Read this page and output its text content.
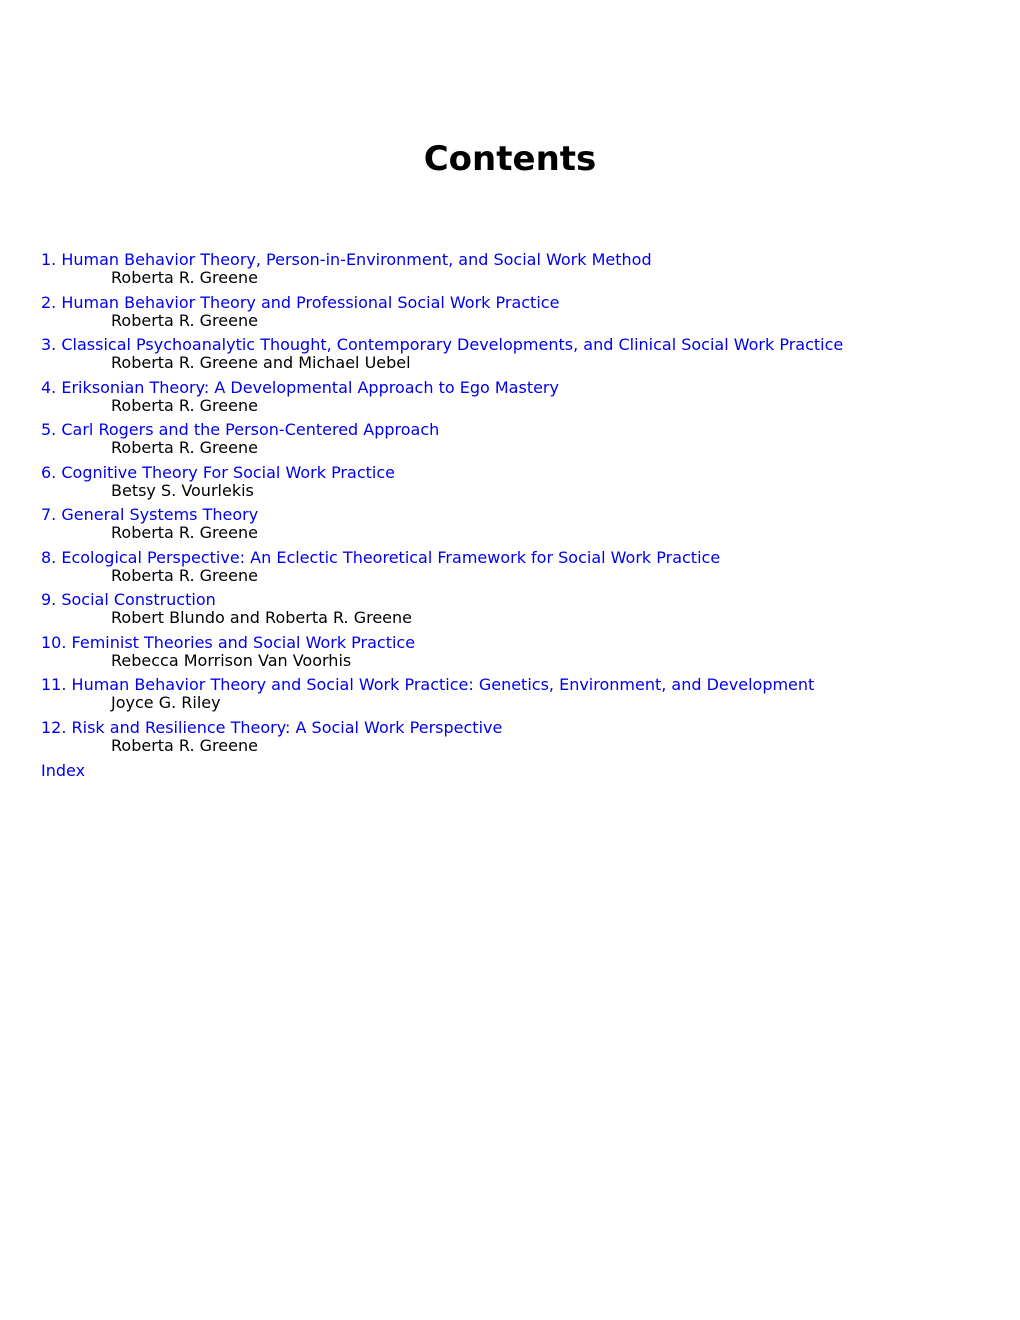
Contents
1. Human Behavior Theory, Person-in-Environment, and Social Work Method
Roberta R. Greene
2. Human Behavior Theory and Professional Social Work Practice
Roberta R. Greene
3. Classical Psychoanalytic Thought, Contemporary Developments, and Clinical Social Work Practice
Roberta R. Greene and Michael Uebel
4. Eriksonian Theory: A Developmental Approach to Ego Mastery
Roberta R. Greene
5. Carl Rogers and the Person-Centered Approach
Roberta R. Greene
6. Cognitive Theory For Social Work Practice
Betsy S. Vourlekis
7. General Systems Theory
Roberta R. Greene
8. Ecological Perspective: An Eclectic Theoretical Framework for Social Work Practice
Roberta R. Greene
9. Social Construction
Robert Blundo and Roberta R. Greene
10. Feminist Theories and Social Work Practice
Rebecca Morrison Van Voorhis
11. Human Behavior Theory and Social Work Practice: Genetics, Environment, and Development
Joyce G. Riley
12. Risk and Resilience Theory: A Social Work Perspective
Roberta R. Greene
Index
